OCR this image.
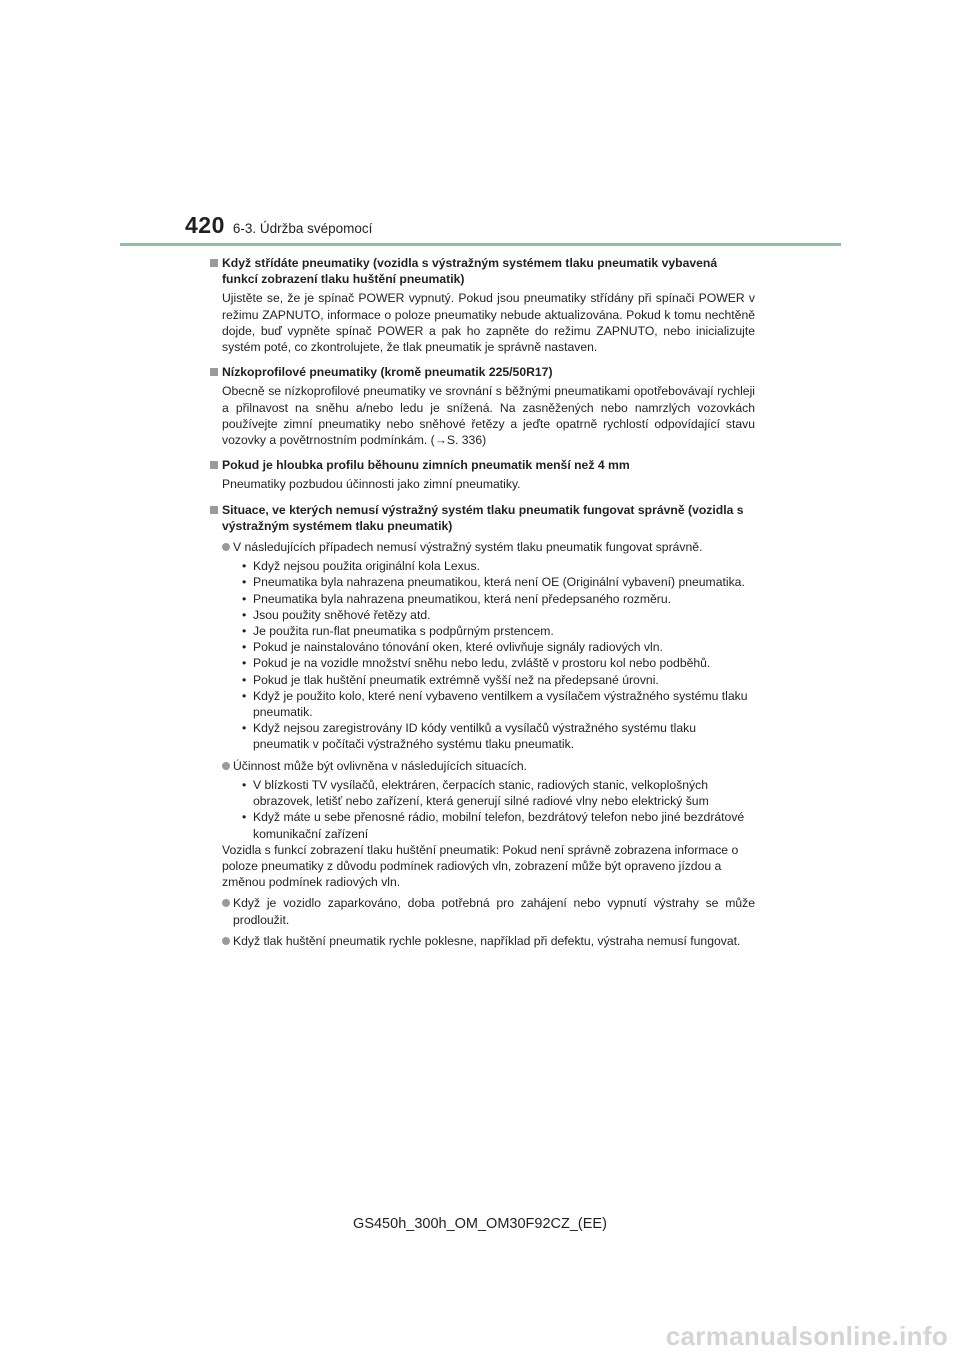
420 6-3. Údržba svépomocí
Když střídáte pneumatiky (vozidla s výstražným systémem tlaku pneumatik vybavená funkcí zobrazení tlaku huštění pneumatik)
Ujistěte se, že je spínač POWER vypnutý. Pokud jsou pneumatiky střídány při spínači POWER v režimu ZAPNUTO, informace o poloze pneumatiky nebude aktualizována. Pokud k tomu nechtěně dojde, buď vypněte spínač POWER a pak ho zapněte do režimu ZAPNUTO, nebo inicializujte systém poté, co zkontrolujete, že tlak pneumatik je správně nastaven.
Nízkoprofilové pneumatiky (kromě pneumatik 225/50R17)
Obecně se nízkoprofilové pneumatiky ve srovnání s běžnými pneumatikami opotřebovávají rychleji a přilnavost na sněhu a/nebo ledu je snížená. Na zasněžených nebo namrzlých vozovkách používejte zimní pneumatiky nebo sněhové řetězy a jeďte opatrně rychlostí odpovídající stavu vozovky a povětrnostním podmínkám. (→S. 336)
Pokud je hloubka profilu běhounu zimních pneumatik menší než 4 mm
Pneumatiky pozbudou účinnosti jako zimní pneumatiky.
Situace, ve kterých nemusí výstražný systém tlaku pneumatik fungovat správně (vozidla s výstražným systémem tlaku pneumatik)
V následujících případech nemusí výstražný systém tlaku pneumatik fungovat správně.
• Když nejsou použita originální kola Lexus.
• Pneumatika byla nahrazena pneumatikou, která není OE (Originální vybavení) pneumatika.
• Pneumatika byla nahrazena pneumatikou, která není předepsaného rozměru.
• Jsou použity sněhové řetězy atd.
• Je použita run-flat pneumatika s podpůrným prstencem.
• Pokud je nainstalováno tónování oken, které ovlivňuje signály radiových vln.
• Pokud je na vozidle množství sněhu nebo ledu, zvláště v prostoru kol nebo podběhů.
• Pokud je tlak huštění pneumatik extrémně vyšší než na předepsané úrovni.
• Když je použito kolo, které není vybaveno ventilkem a vysílačem výstražného systému tlaku pneumatik.
• Když nejsou zaregistrovány ID kódy ventilků a vysílačů výstražného systému tlaku pneumatik v počítači výstražného systému tlaku pneumatik.
Účinnost může být ovlivněna v následujících situacích.
• V blízkosti TV vysílačů, elektráren, čerpacích stanic, radiových stanic, velkoplošných obrazovek, letišť nebo zařízení, která generují silné radiové vlny nebo elektrický šum
• Když máte u sebe přenosné rádio, mobilní telefon, bezdrátový telefon nebo jiné bezdrátové komunikační zařízení
Vozidla s funkcí zobrazení tlaku huštění pneumatik: Pokud není správně zobrazena informace o poloze pneumatiky z důvodu podmínek radiových vln, zobrazení může být opraveno jízdou a změnou podmínek radiových vln.
Když je vozidlo zaparkováno, doba potřebná pro zahájení nebo vypnutí výstrahy se může prodloužit.
Když tlak huštění pneumatik rychle poklesne, například při defektu, výstraha nemusí fungovat.
GS450h_300h_OM_OM30F92CZ_(EE)
carmanualsonline.info
